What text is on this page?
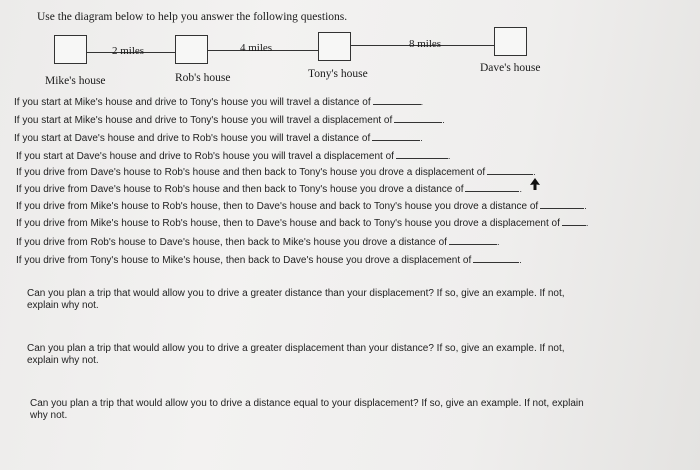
Use the diagram below to help you answer the following questions.
2 miles	4 miles	8 miles
Mike's house	Rob's house	Tony's house	Dave's house
If you start at Mike's house and drive to Tony's house you will travel a distance of	.
If you start at Mike's house and drive to Tony's house you will travel a displacement of	.
If you start at Dave's house and drive to Rob's house you will travel a distance of	.
If you start at Dave's house and drive to Rob's house you will travel a displacement of	.
If you drive from Dave's house to Rob's house and then back to Tony's house you drove a displacement of	.
If you drive from Dave's house to Rob's house and then back to Tony's house you drove a distance of	.
If you drive from Mike's house to Rob's house, then to Dave's house and back to Tony's house you drove a distance of	.
If you drive from Mike's house to Rob's house, then to Dave's house and back to Tony's house you drove a displacement of	.
If you drive from Rob's house to Dave's house, then back to Mike's house you drove a distance of	.
If you drive from Tony's house to Mike's house, then back to Dave's house you drove a displacement of	.
Can you plan a trip that would allow you to drive a greater distance than your displacement? If so, give an example. If not,
explain why not.
Can you plan a trip that would allow you to drive a greater displacement than your distance? If so, give an example. If not,
explain why not.
Can you plan a trip that would allow you to drive a distance equal to your displacement? If so, give an example. If not, explain
why not.
